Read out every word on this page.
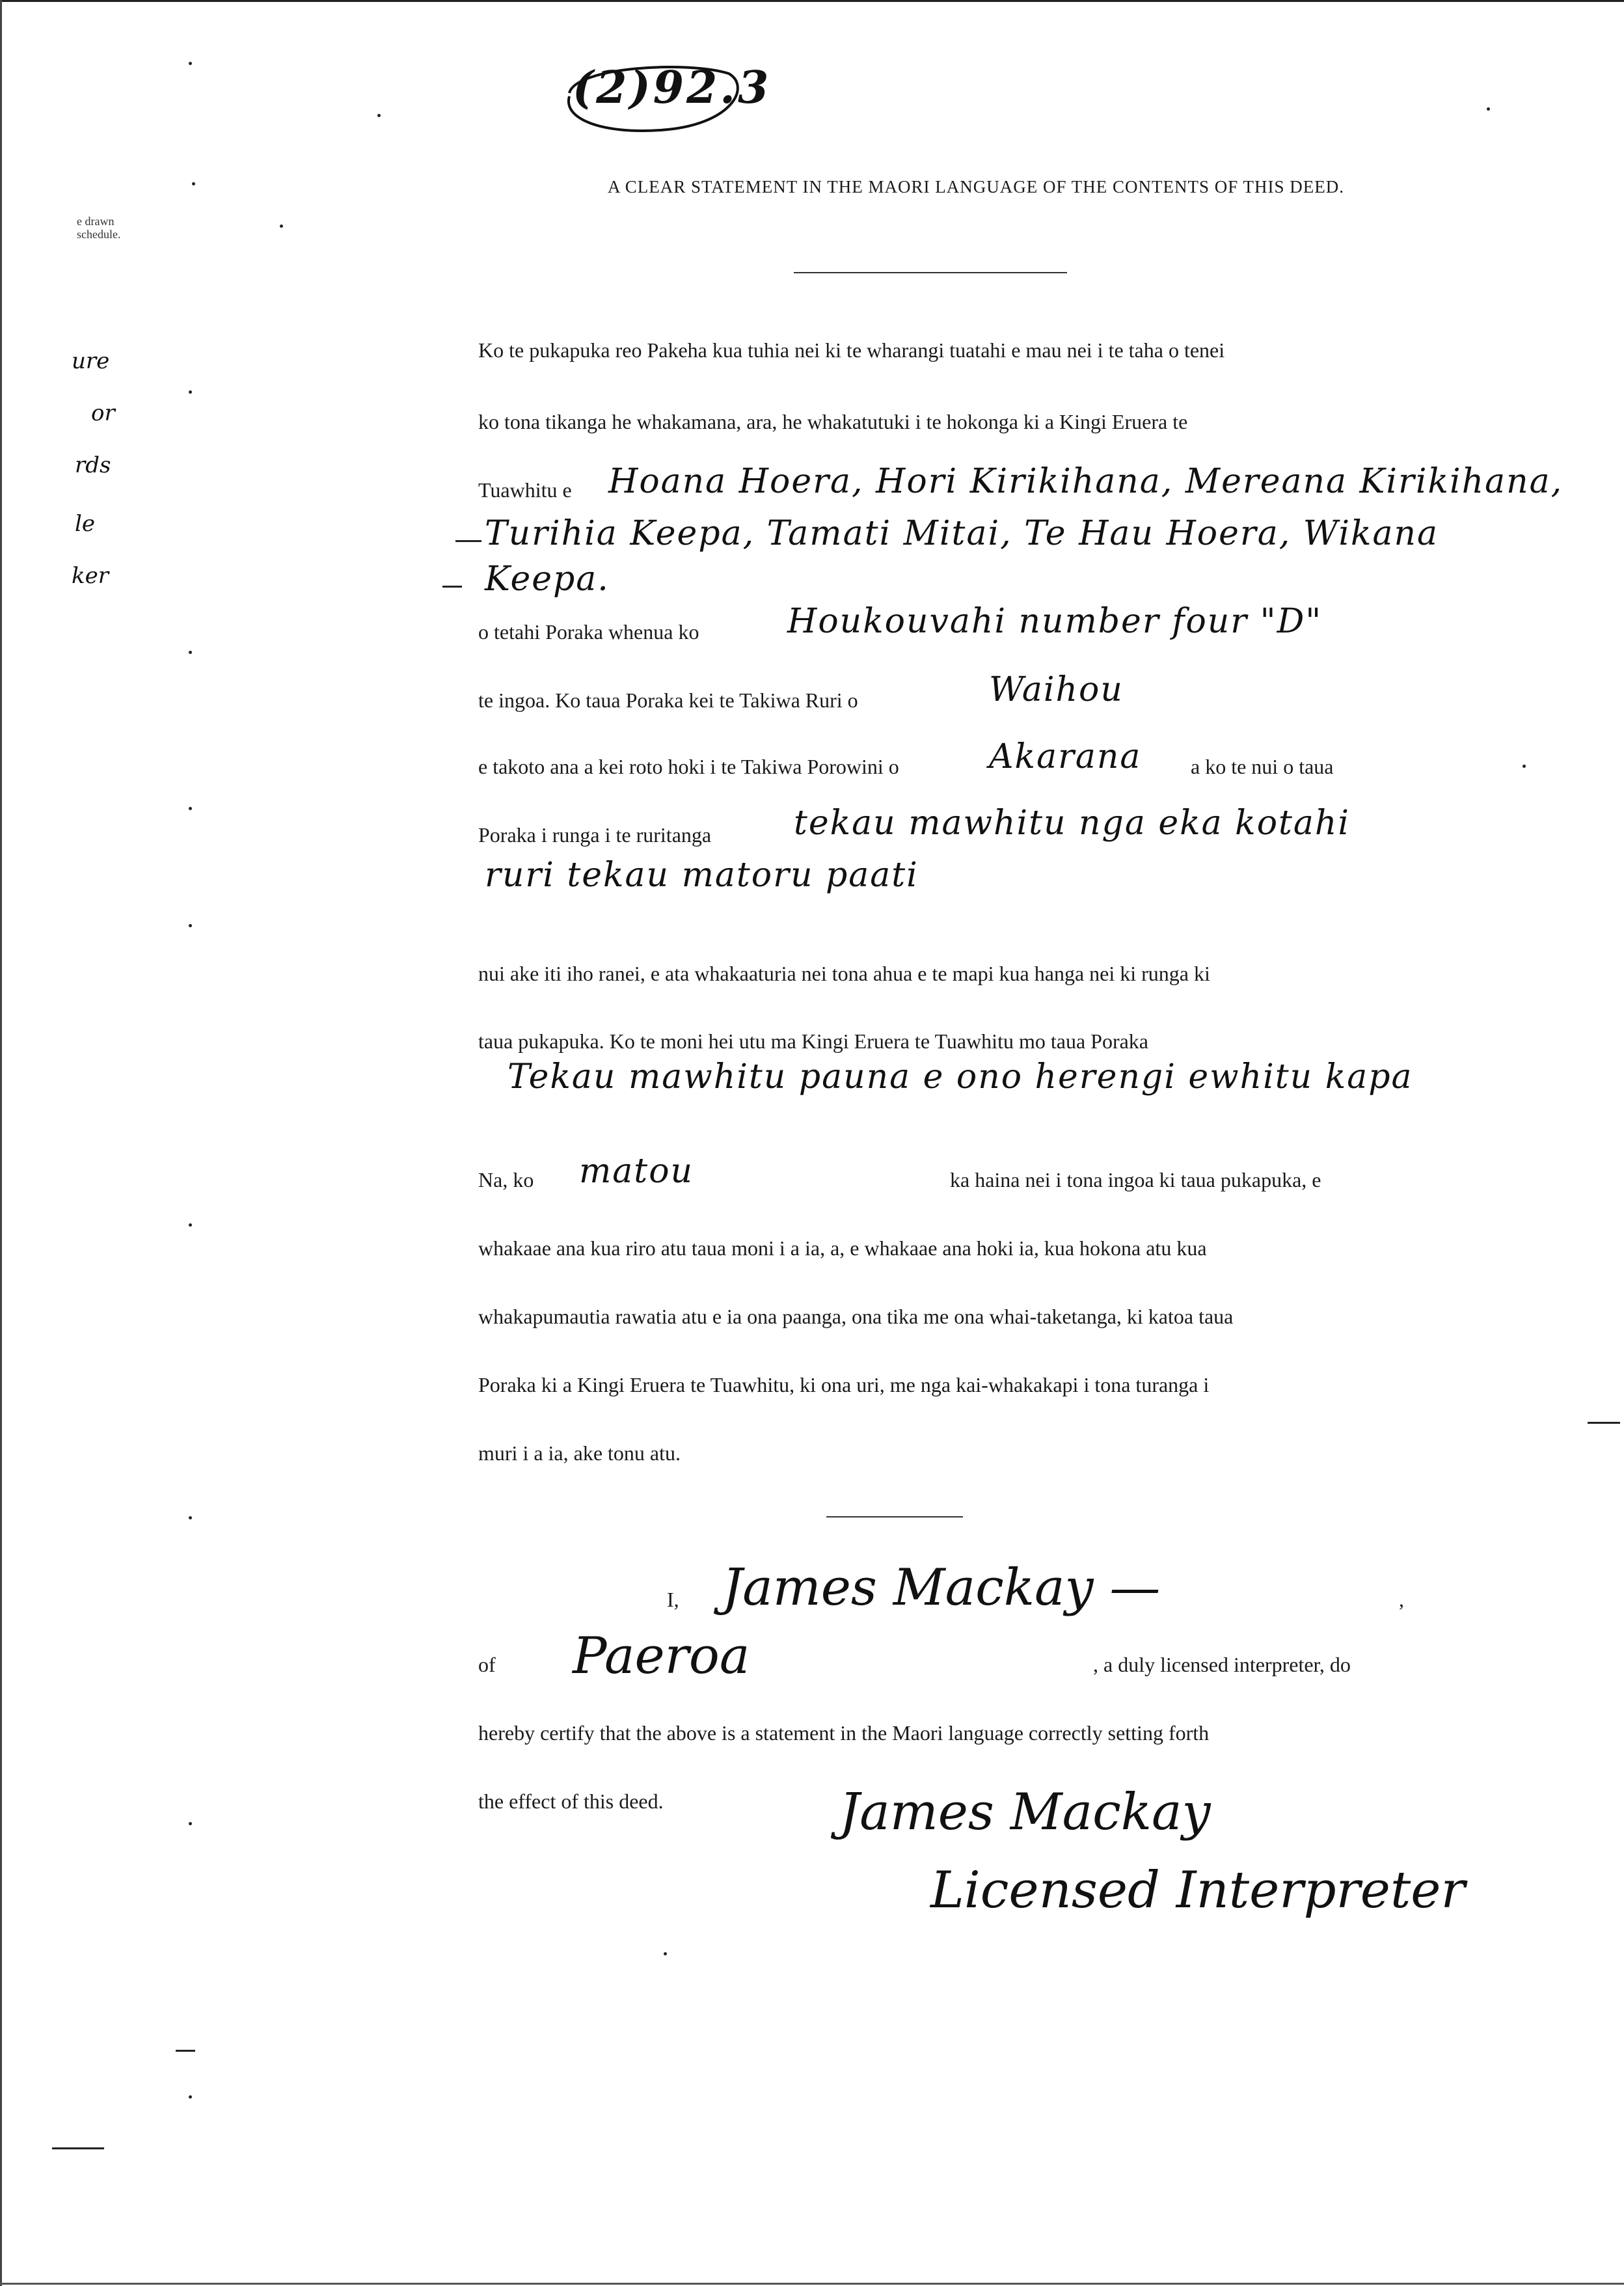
(2)92.3
A CLEAR STATEMENT IN THE MAORI LANGUAGE OF THE CONTENTS OF THIS DEED.
e drawn
schedule.
ure
or
rds
le
ker
Ko te pukapuka reo Pakeha kua tuhia nei ki te wharangi tuatahi e mau nei i te taha o tenei
ko tona tikanga he whakamana, ara, he whakatutuki i te hokonga ki a Kingi Eruera te
Tuawhitu e Hoana Hoera, Hori Kirikihana, Mereana Kirikihana,
Turihia Keepa, Tamati Mitai, Te Hau Hoera, Wikana
Keepa.
o tetahi Poraka whenua ko	Houkouvahi number four "D"
te ingoa. Ko taua Poraka kei te Takiwa Ruri o	Waihou
e takoto ana a kei roto hoki i te Takiwa Porowini o	Akarana a ko te nui o taua
Poraka i runga i te ruritanga tekau mawhitu nga eka kotahi
ruri tekau matoru paati
nui ake iti iho ranei, e ata whakaaturia nei tona ahua e te mapi kua hanga nei ki runga ki
taua pukapuka. Ko te moni hei utu ma Kingi Eruera te Tuawhitu mo taua Poraka
Tekau mawhitu pauna e ono herengi ewhitu kapa
Na, ko matou	ka haina nei i tona ingoa ki taua pukapuka, e
whakaae ana kua riro atu taua moni i a ia, a, e whakaae ana hoki ia, kua hokona atu kua
whakapumautia rawatia atu e ia ona paanga, ona tika me ona whai-taketanga, ki katoa taua
Poraka ki a Kingi Eruera te Tuawhitu, ki ona uri, me nga kai-whakakapi i tona turanga i
muri i a ia, ake tonu atu.
I, James Mackay —	,
of Paeroa	, a duly licensed interpreter, do
hereby certify that the above is a statement in the Maori language correctly setting forth
the effect of this deed.	James Mackay
Licensed Interpreter
